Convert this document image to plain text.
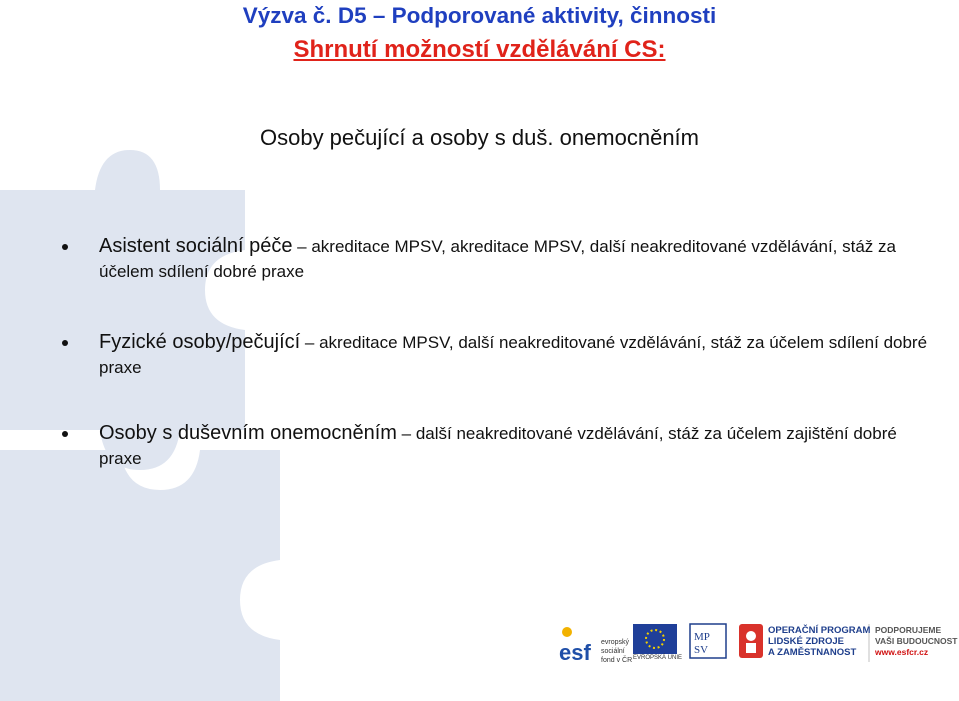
Výzva č. D5 – Podporované aktivity, činnosti
Shrnutí možností vzdělávání CS:
Osoby pečující a osoby s duš. onemocněním
Asistent sociální péče – akreditace MPSV, akreditace MPSV, další neakreditované vzdělávání, stáž za účelem sdílení dobré praxe
Fyzické osoby/pečující – akreditace MPSV, další neakreditované vzdělávání, stáž za účelem sdílení dobré praxe
Osoby s duševním onemocněním – další neakreditované vzdělávání, stáž za účelem zajištění dobré praxe
esf
MP
SV
evropský
sociální
fond v ČR EVROPSKÁ UNIE
OPERAČNÍ PROGRAM
LIDSKÉ ZDROJE
A ZAMĚSTNANOST
PODPORUJEME
VAŠI BUDOUCNOST
www.esfcr.cz
